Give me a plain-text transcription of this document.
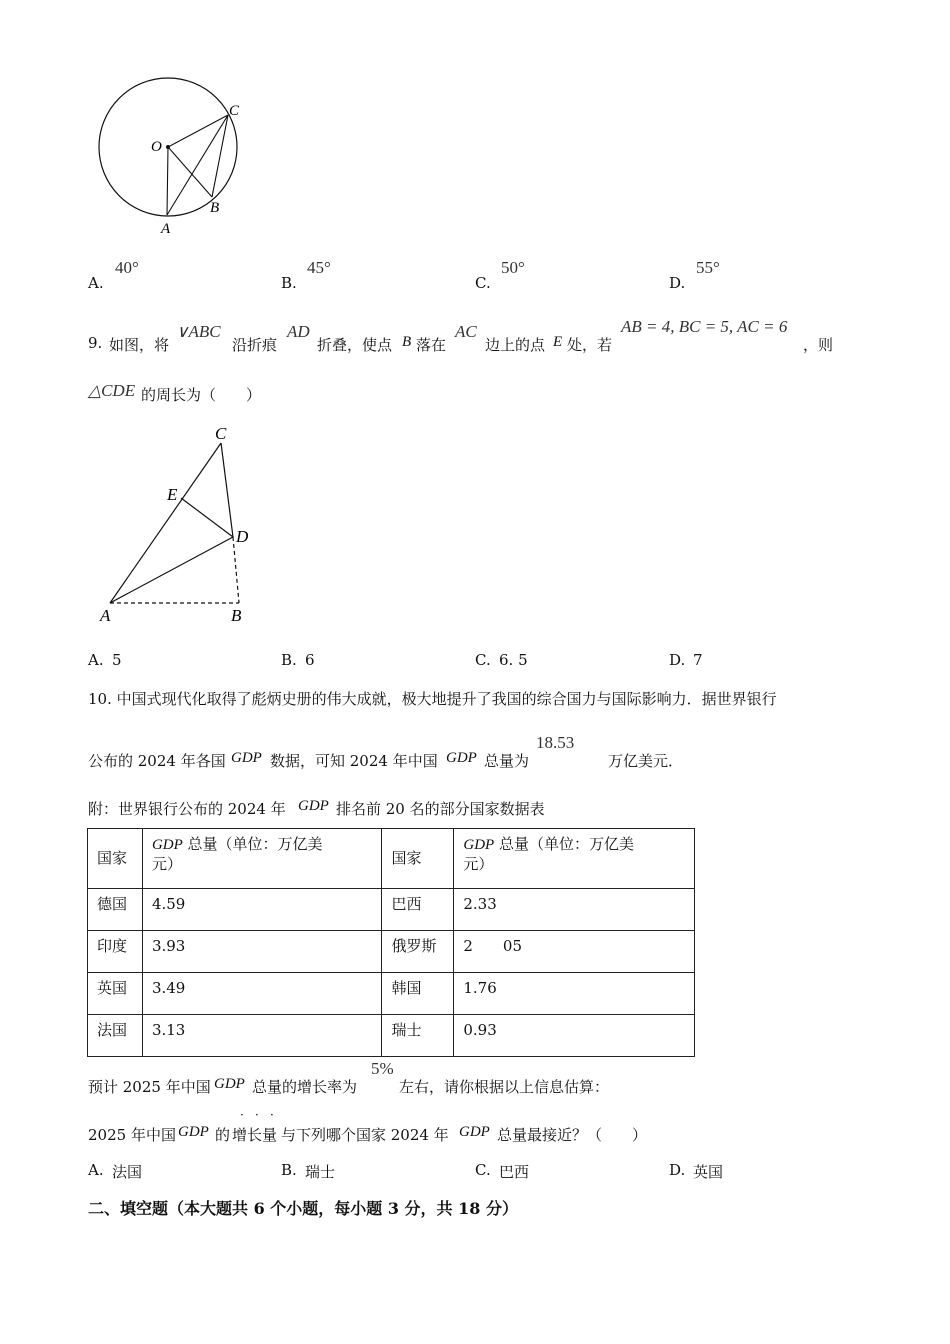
O
C
B
A
A.
40°
B.
45°
C.
50°
D.
55°
9. 如图，将
∨ABC
沿折痕
AD
折叠，使点 B 落在
AC
边上的点 E 处，若
AB = 4, BC = 5, AC = 6
，则
△CDE 的周长为（　　）
C
E
D
A	B
A. 5	B. 6	C. 6. 5	D. 7
10. 中国式现代化取得了彪炳史册的伟大成就，极大地提升了我国的综合国力与国际影响力．据世界银行
公布的 2024 年各国 GDP 数据，可知 2024 年中国 GDP 总量为
18.53
万亿美元．
附：世界银行公布的 2024 年 GDP 排名前 20 名的部分国家数据表
国家	GDP 总量（单位：万亿美
元）	国家	GDP 总量（单位：万亿美
元）
德国	4.59	巴西	2.33
印度	3.93	俄罗斯	2　　05
英国	3.49	韩国	1.76
法国	3.13	瑞士	0.93
预计 2025 年中国 GDP 总量的增长率为
5%
左右，请你根据以上信息估算：
2025 年中国 GDP 的 增长量
· · ·
与下列哪个国家 2024 年 GDP 总量最接近？（　　）
A. 法国	B. 瑞士	C. 巴西	D. 英国
二、填空题（本大题共 6 个小题，每小题 3 分，共 18 分）
